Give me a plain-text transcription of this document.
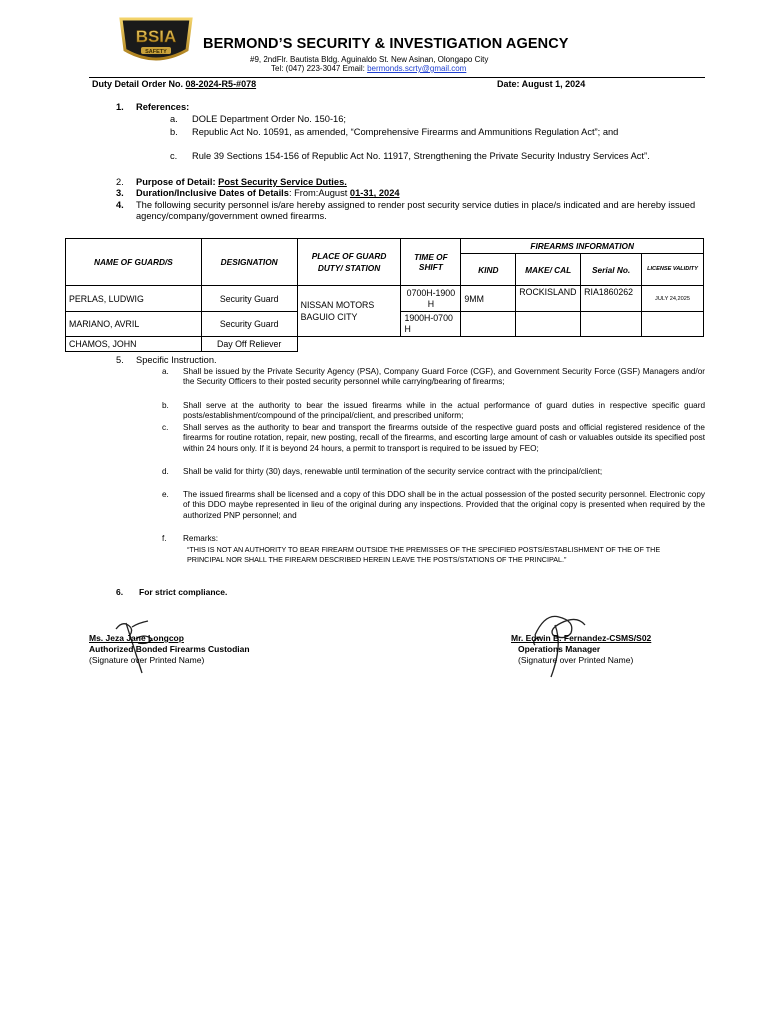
BSIA
SAFETY BERMOND’S SECURITY & INVESTIGATION AGENCY
#9, 2ndFlr. Bautista Bldg. Aguinaldo St. New Asinan, Olongapo City
Tel: (047) 223-3047 Email: bermonds.scrty@gmail.com
Duty Detail Order No. 08-2024-R5-#078	Date: August 1, 2024
1. References:
a. DOLE Department Order No. 150-16;
b. Republic Act No. 10591, as amended, “Comprehensive Firearms and Ammunitions Regulation Act”; and
c. Rule 39 Sections 154-156 of Republic Act No. 11917, Strengthening the Private Security Industry Services Act”.
2. Purpose of Detail: Post Security Service Duties.
3. Duration/Inclusive Dates of Details: From:August 01-31, 2024
4. The following security personnel is/are hereby assigned to render post security service duties in place/s indicated and are hereby issued agency/company/government owned firearms.
NAME OF GUARD/S	DESIGNATION	PLACE OF GUARD DUTY/ STATION	TIME OF SHIFT	FIREARMS INFORMATION			
				KIND	MAKE/ CAL	Serial No.	LICENSE VALIDITY
PERLAS, LUDWIG	Security Guard	NISSAN MOTORS BAGUIO CITY	0700H-1900H	9MM	ROCKISLAND	RIA1860262	JULY 24,2025
MARIANO, AVRIL	Security Guard		1900H-0700H				
CHAMOS, JOHN	Day Off Reliever						
5. Specific Instruction.
a. Shall be issued by the Private Security Agency (PSA), Company Guard Force (CGF), and Government Security Force (GSF) Managers and/or the Security Officers to their posted security personnel while carrying/bearing of firearms;
b. Shall serve at the authority to bear the issued firearms while in the actual performance of guard duties in respective specific guard posts/establishment/compound of the principal/client, and prescribed uniform;
c. Shall serves as the authority to bear and transport the firearms outside of the respective guard posts and official registered residence of the firearms for routine rotation, repair, new posting, recall of the firearms, and escorting large amount of cash or valuables outside its specified post within 24 hours only. If it is beyond 24 hours, a permit to transport is required to be issued by FEO;
d. Shall be valid for thirty (30) days, renewable until termination of the security service contract with the principal/client;
e. The issued firearms shall be licensed and a copy of this DDO shall be in the actual possession of the posted security personnel. Electronic copy of this DDO maybe represented in lieu of the original during any inspections. Provided that the original copy is presented when required by the authorized PNP personnel; and
f. Remarks:
“THIS IS NOT AN AUTHORITY TO BEAR FIREARM OUTSIDE THE PREMISSES OF THE SPECIFIED POSTS/ESTABLISHMENT OF THE OF THE PRINCIPAL NOR SHALL THE FIREARM DESCRIBED HEREIN LEAVE THE POSTS/STATIONS OF THE PRINCIPAL.”
6. For strict compliance.
Ms. Jeza Jane Longcop
Authorized Bonded Firearms Custodian
(Signature over Printed Name)
Mr. Edwin B. Fernandez-CSMS/S02
Operations Manager
(Signature over Printed Name)
